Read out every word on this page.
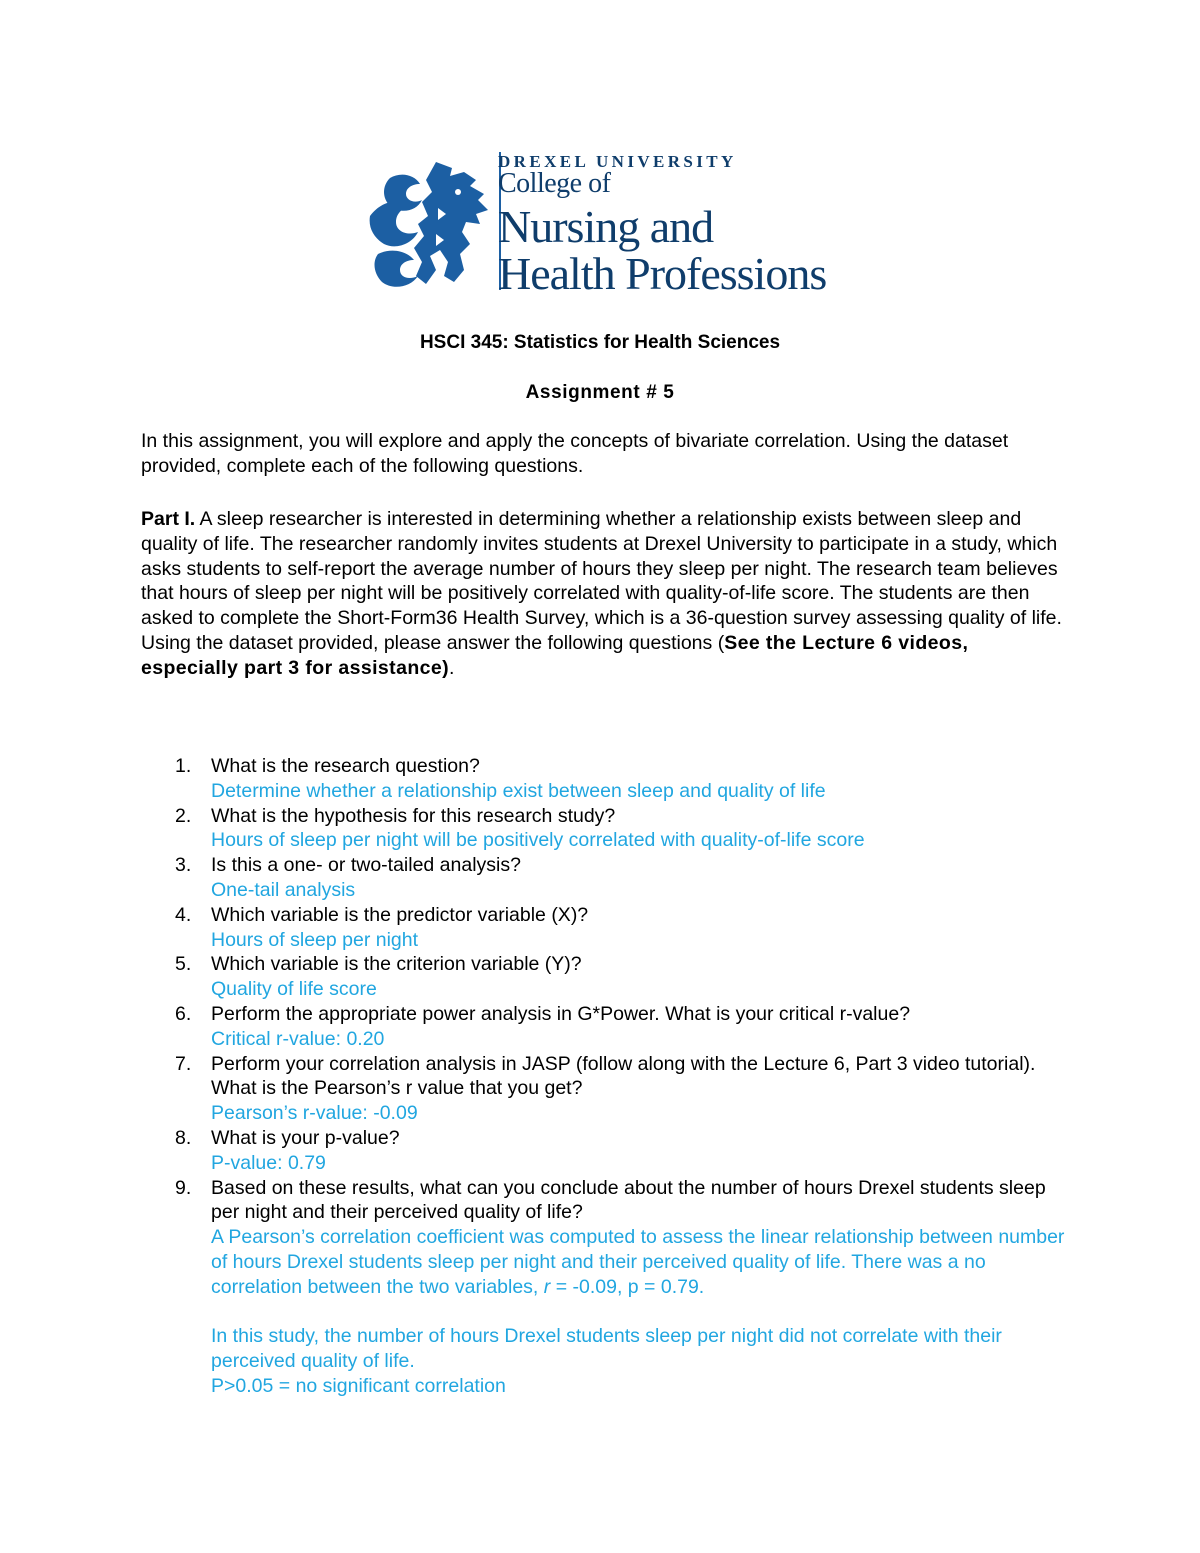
DREXEL UNIVERSITY
College of
Nursing and
Health Professions
HSCI 345: Statistics for Health Sciences
Assignment # 5
In this assignment, you will explore and apply the concepts of bivariate correlation. Using the dataset provided, complete each of the following questions.
Part I. A sleep researcher is interested in determining whether a relationship exists between sleep and quality of life. The researcher randomly invites students at Drexel University to participate in a study, which asks students to self-report the average number of hours they sleep per night. The research team believes that hours of sleep per night will be positively correlated with quality-of-life score. The students are then asked to complete the Short-Form36 Health Survey, which is a 36-question survey assessing quality of life. Using the dataset provided, please answer the following questions (See the Lecture 6 videos, especially part 3 for assistance).
1.	What is the research question?
Determine whether a relationship exist between sleep and quality of life
2.	What is the hypothesis for this research study?
Hours of sleep per night will be positively correlated with quality-of-life score
3.	Is this a one- or two-tailed analysis?
One-tail analysis
4.	Which variable is the predictor variable (X)?
Hours of sleep per night
5.	Which variable is the criterion variable (Y)?
Quality of life score
6.	Perform the appropriate power analysis in G*Power. What is your critical r-value?
Critical r-value: 0.20
7.	Perform your correlation analysis in JASP (follow along with the Lecture 6, Part 3 video tutorial). What is the Pearson’s r value that you get?
Pearson’s r-value: -0.09
8.	What is your p-value?
P-value: 0.79
9.	Based on these results, what can you conclude about the number of hours Drexel students sleep per night and their perceived quality of life?
A Pearson’s correlation coefficient was computed to assess the linear relationship between number of hours Drexel students sleep per night and their perceived quality of life. There was a no correlation between the two variables, r = -0.09, p = 0.79.
In this study, the number of hours Drexel students sleep per night did not correlate with their perceived quality of life.
P>0.05 = no significant correlation
